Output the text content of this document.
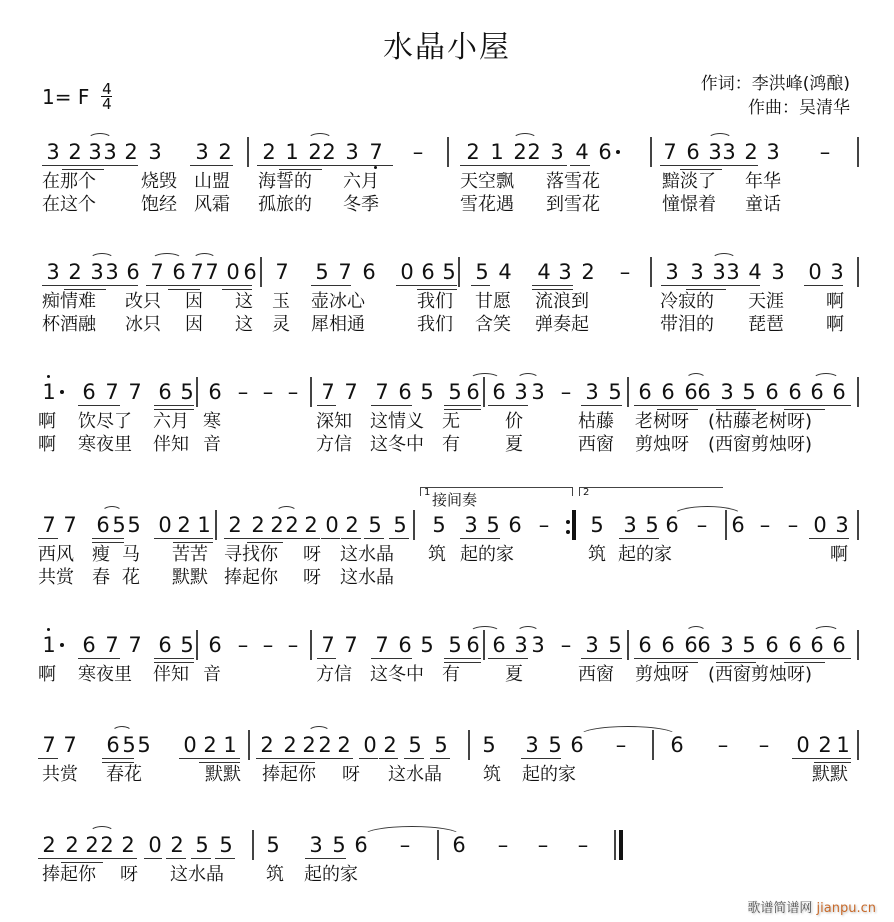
水晶小屋
1= F 4
4
作词：李洪峰(鸿酿)
作曲：吴清华
3 2 3 3 2 3 3 2 2 1 2 2 3 7 – 2 1 2 2 3 4 6 7 6 3 3 2 3 –
在那个	烧毁 山盟 海誓的 六月	天空飘 落雪花	黯淡了 年华
在这个	饱经 风霜 孤旅的 冬季	雪花遇 到雪花	憧憬着 童话
3 2 3 3 6 7 6 7 7 0 6 7 5 7 6 0 6 5 5 4 4 3 2 – 3 3 3 3 4 3 0 3
痴情难 改只 因 这 玉 壶冰心	我们 甘愿 流浪到	冷寂的 天涯 啊
杯酒融 冰只 因 这 灵 犀相通	我们 含笑 弹奏起	带泪的 琵琶 啊
1 6 7 7 6 5 6 – – – 7 7 7 6 5 5 6 6 3 3 – 3 5 6 6 6 6 3 5 6 6 6 6
啊 饮尽了 六月 寒	深知 这情义 无	价	枯藤 老树呀 (枯藤老树呀)
啊 寒夜里 伴知 音	方信 这冬中 有	夏	西窗 剪烛呀 (西窗剪烛呀)
7 7 6 5 5 0 2 1 2 2 2 2 2 0 2 5 5 5 3 5 6 – 5 3 5 6 – 6 – – 0 3
1 接间奏	2
西风 瘦 马 苦苦 寻找你 呀 这水晶 筑 起的家	筑 起的家	啊
共赏 春 花 默默 捧起你 呀 这水晶
1 6 7 7 6 5 6 – – – 7 7 7 6 5 5 6 6 3 3 – 3 5 6 6 6 6 3 5 6 6 6 6
啊 寒夜里 伴知 音	方信 这冬中 有	夏	西窗 剪烛呀 (西窗剪烛呀)
7 7 6 5 5 0 2 1 2 2 2 2 2 0 2 5 5 5 3 5 6 – 6 – – 0 2 1
共赏 春花	默默 捧起你 呀 这水晶 筑 起的家	默默
2 2 2 2 2 0 2 5 5 5 3 5 6 – 6 – – –
捧起你 呀 这水晶 筑 起的家
歌谱简谱网 jianpu.cn
